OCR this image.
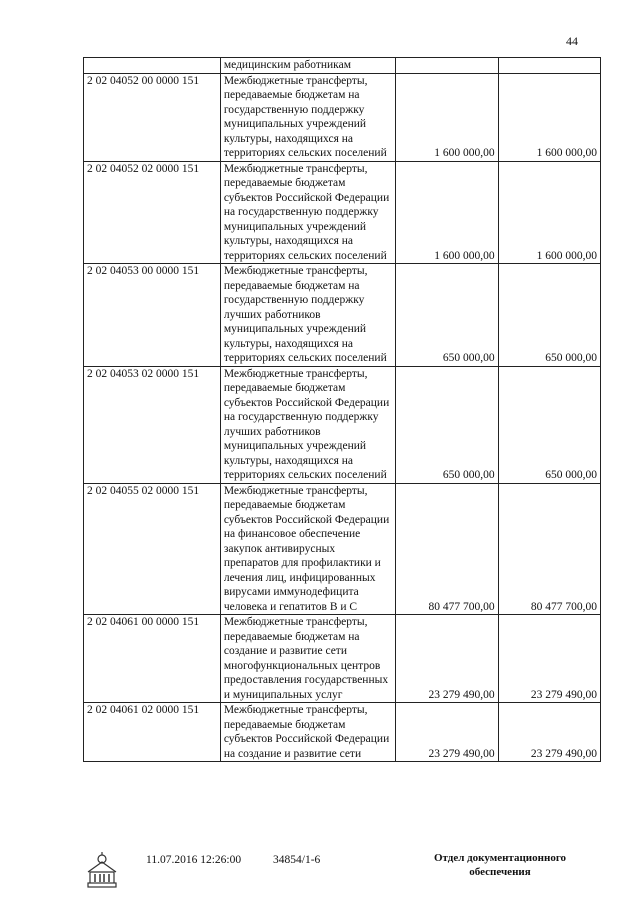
44
	медицинским работникам		
2 02 04052 00 0000 151	Межбюджетные трансферты, передаваемые бюджетам на государственную поддержку муниципальных учреждений культуры, находящихся на территориях сельских поселений	1 600 000,00	1 600 000,00
2 02 04052 02 0000 151	Межбюджетные трансферты, передаваемые бюджетам субъектов Российской Федерации на государственную поддержку муниципальных учреждений культуры, находящихся на территориях сельских поселений	1 600 000,00	1 600 000,00
2 02 04053 00 0000 151	Межбюджетные трансферты, передаваемые бюджетам на государственную поддержку лучших работников муниципальных учреждений культуры, находящихся на территориях сельских поселений	650 000,00	650 000,00
2 02 04053 02 0000 151	Межбюджетные трансферты, передаваемые бюджетам субъектов Российской Федерации на государственную поддержку лучших работников муниципальных учреждений культуры, находящихся на территориях сельских поселений	650 000,00	650 000,00
2 02 04055 02 0000 151	Межбюджетные трансферты, передаваемые бюджетам субъектов Российской Федерации на финансовое обеспечение закупок антивирусных препаратов для профилактики и лечения лиц, инфицированных вирусами иммунодефицита человека и гепатитов В и С	80 477 700,00	80 477 700,00
2 02 04061 00 0000 151	Межбюджетные трансферты, передаваемые бюджетам на создание и развитие сети многофункциональных центров предоставления государственных и муниципальных услуг	23 279 490,00	23 279 490,00
2 02 04061 02 0000 151	Межбюджетные трансферты, передаваемые бюджетам субъектов Российской Федерации на создание и развитие сети	23 279 490,00	23 279 490,00
11.07.2016 12:26:00	34854/1-6	Отдел документационного
обеспечения
